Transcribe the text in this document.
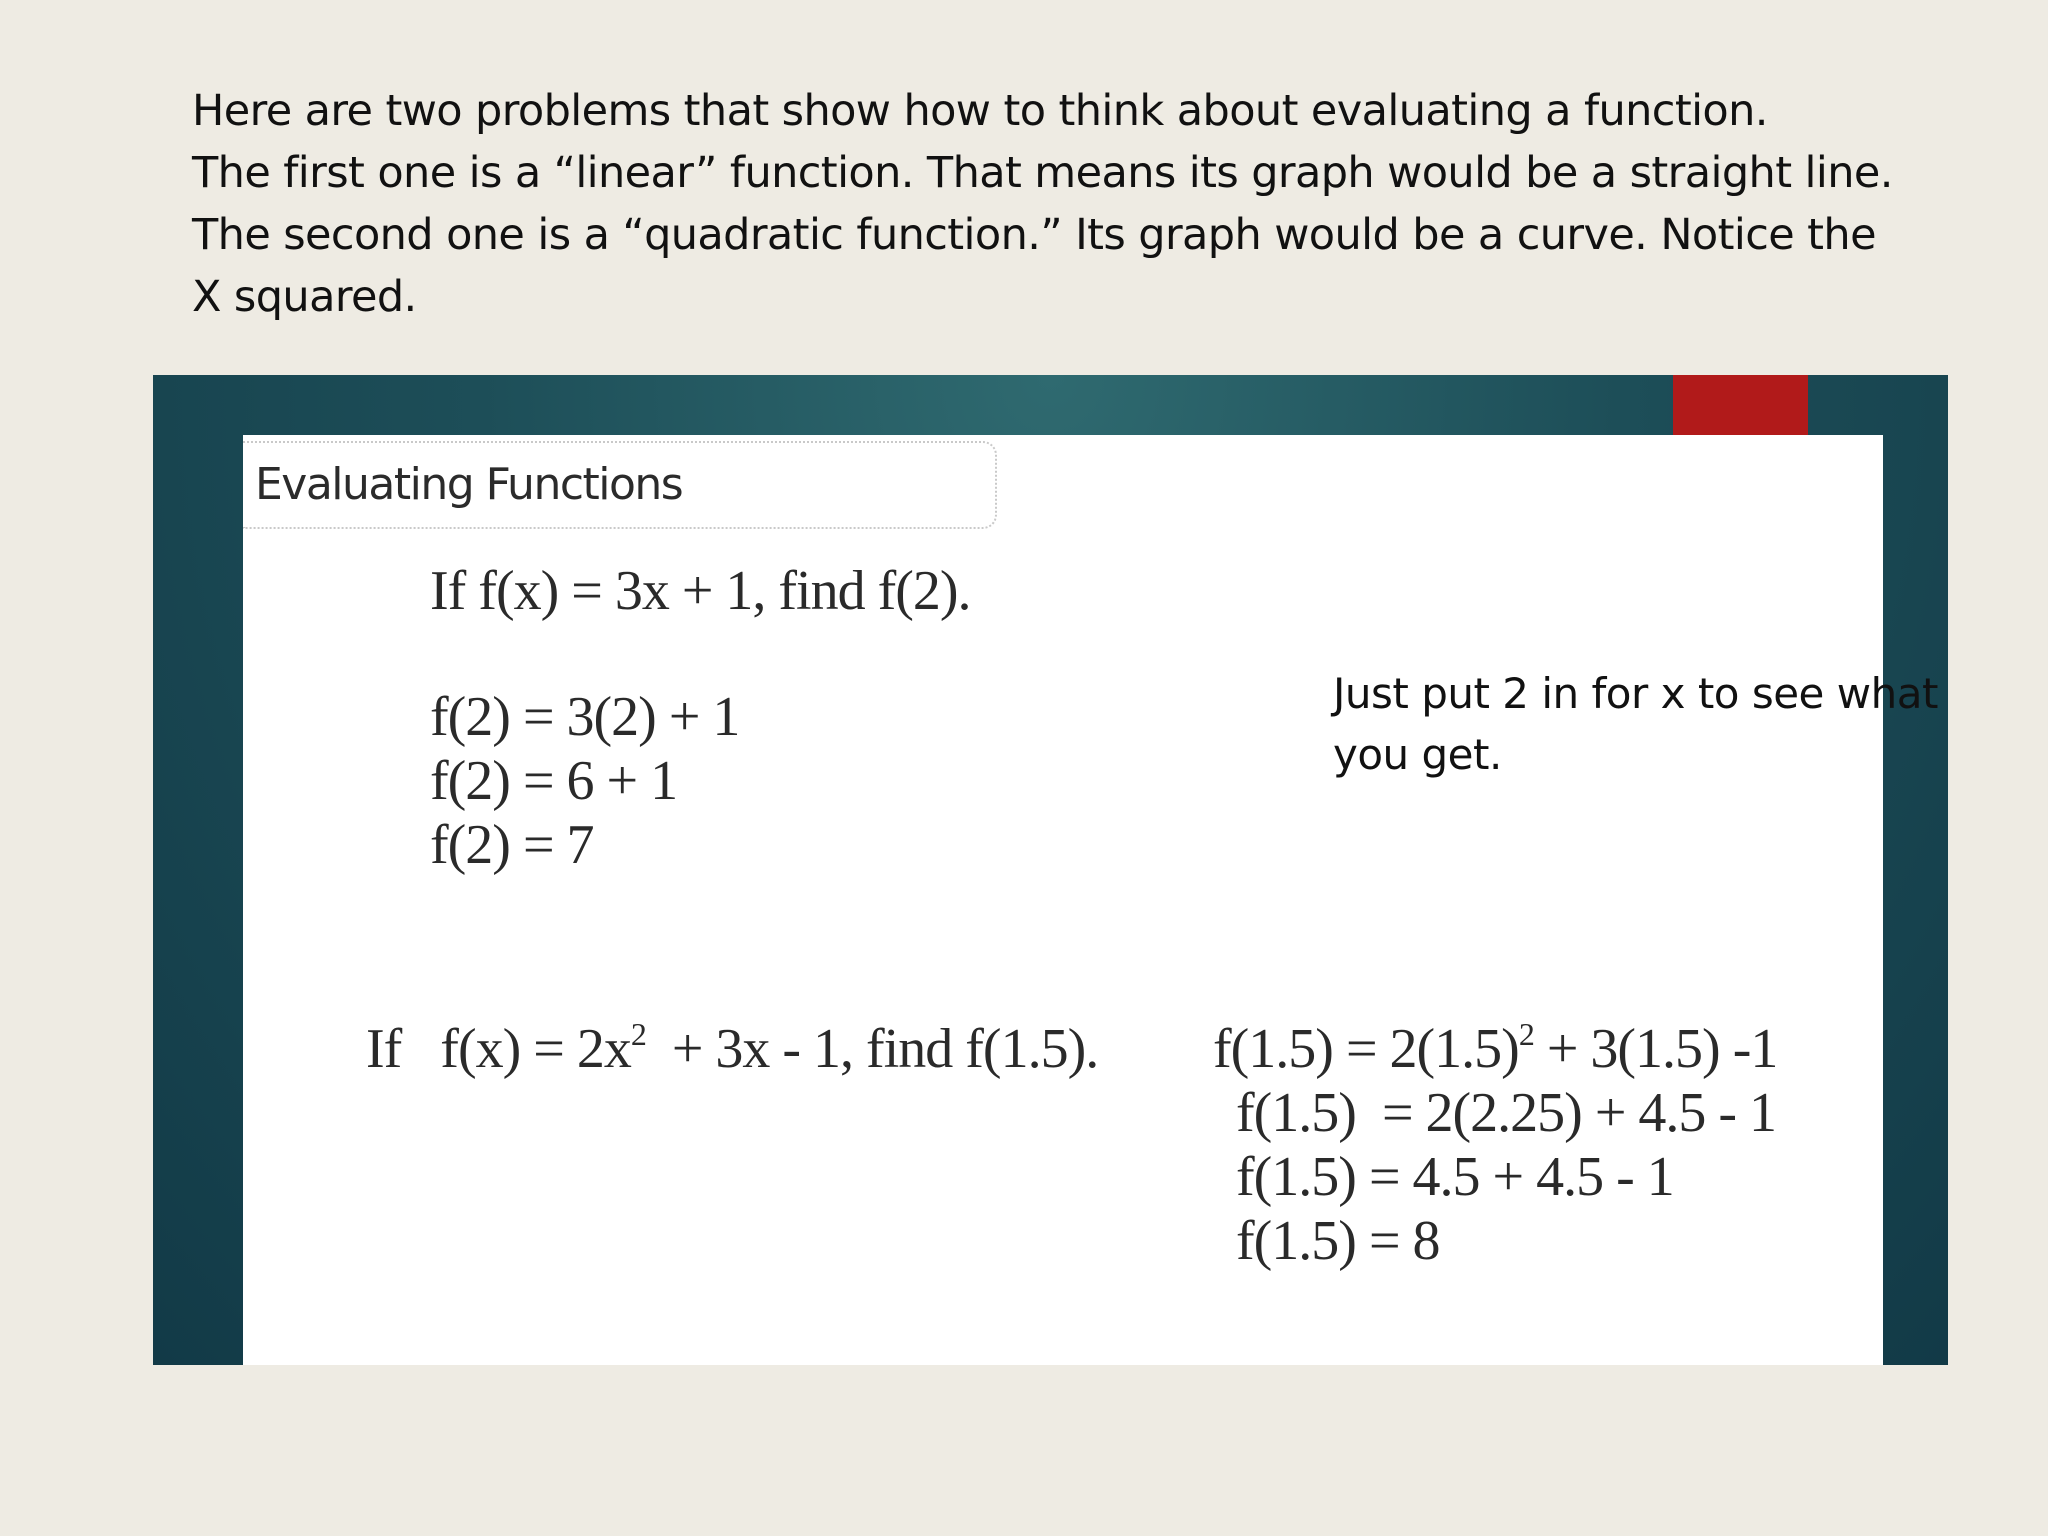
Here are two problems that show how to think about evaluating a function.
The first one is a “linear” function. That means its graph would be a straight line.
The second one is a “quadratic function.” Its graph would be a curve. Notice the
X squared.
Evaluating Functions
If f(x) = 3x + 1, find f(2).
f(2) = 3(2) + 1
f(2) = 6 + 1
f(2) = 7
Just put 2 in for x to see what
you get.
If   $f(x) = 2x^2 + 3x - 1$, find f(1.5). $f(1.5) = 2(1.5)^2 + 3(1.5)$ -1
f(1.5)  = 2(2.25) + 4.5 - 1
f(1.5) = 4.5 + 4.5 - 1
f(1.5) = 8
